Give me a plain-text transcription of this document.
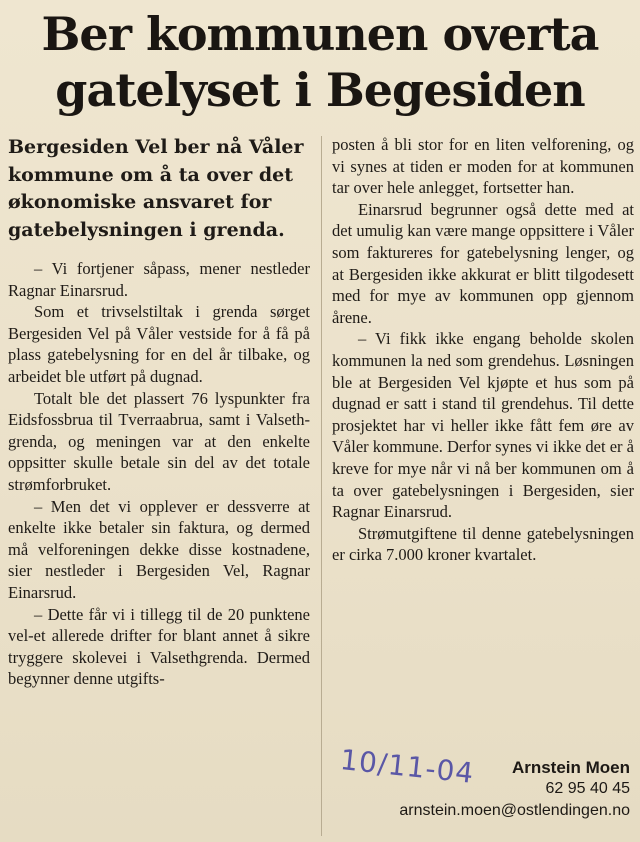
Ber kommunen overta gatelyset i Begesiden

Bergesiden Vel ber nå Våler kommune om å ta over det økonomiske ansvaret for gatebelysningen i grenda.

– Vi fortjener såpass, mener nestleder Ragnar Einarsrud.

Som et trivselstiltak i grenda sørget Bergesiden Vel på Våler vestside for å få på plass gatebelysning for en del år tilbake, og arbeidet ble utført på dugnad.

Totalt ble det plassert 76 lyspunkter fra Eidsfossbrua til Tverraabrua, samt i Valsethgrenda, og meningen var at den enkelte oppsitter skulle betale sin del av det totale strømforbruket.

– Men det vi opplever er dessverre at enkelte ikke betaler sin faktura, og dermed må velforeningen dekke disse kostnadene, sier nestleder i Bergesiden Vel, Ragnar Einarsrud.

– Dette får vi i tillegg til de 20 punktene vel-et allerede drifter for blant annet å sikre tryggere skolevei i Valsethgrenda. Dermed begynner denne utgifts-

posten å bli stor for en liten velforening, og vi synes at tiden er moden for at kommunen tar over hele anlegget, fortsetter han.

Einarsrud begrunner også dette med at det umulig kan være mange oppsittere i Våler som faktureres for gatebelysning lenger, og at Bergesiden ikke akkurat er blitt tilgodesett med for mye av kommunen opp gjennom årene.

– Vi fikk ikke engang beholde skolen kommunen la ned som grendehus. Løsningen ble at Bergesiden Vel kjøpte et hus som på dugnad er satt i stand til grendehus. Til dette prosjektet har vi heller ikke fått fem øre av Våler kommune. Derfor synes vi ikke det er å kreve for mye når vi nå ber kommunen om å ta over gatebelysningen i Bergesiden, sier Ragnar Einarsrud.

Strømutgiftene til denne gatebelysningen er cirka 7.000 kroner kvartalet.

10/11-04 Arnstein Moen
62 95 40 45
arnstein.moen@ostlendingen.no
